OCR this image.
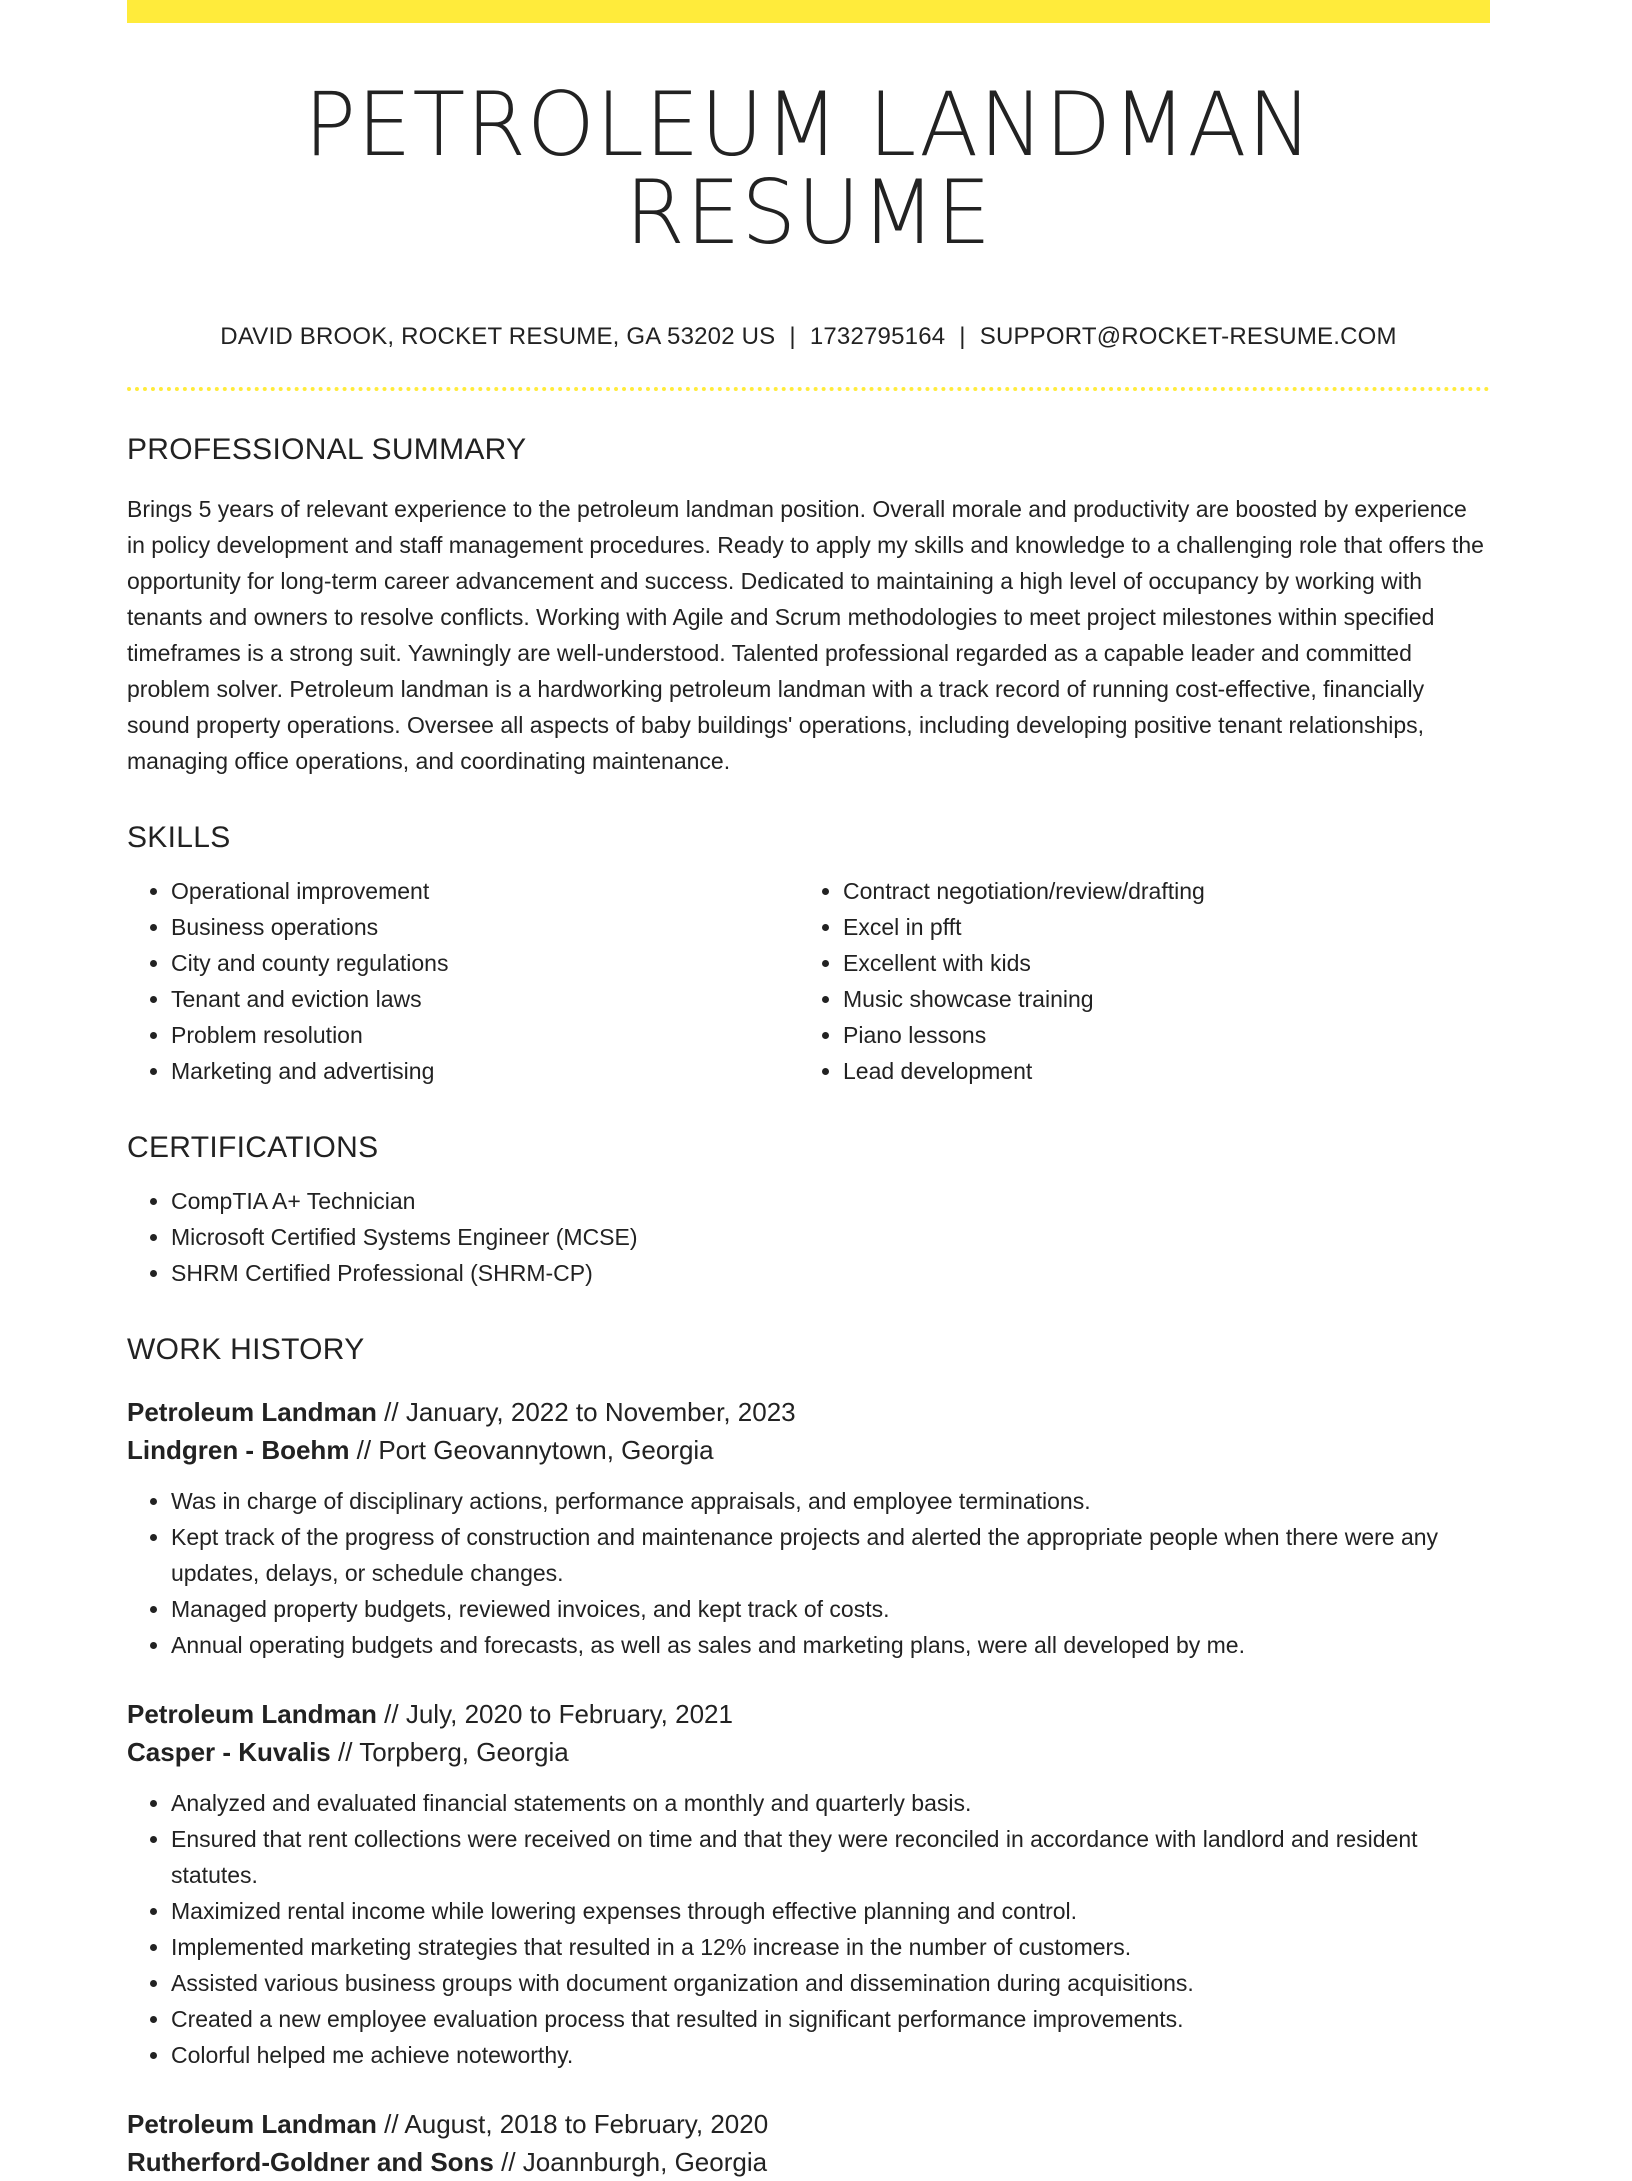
PETROLEUM LANDMAN RESUME
DAVID BROOK, ROCKET RESUME, GA 53202 US | 1732795164 | SUPPORT@ROCKET-RESUME.COM
PROFESSIONAL SUMMARY

Brings 5 years of relevant experience to the petroleum landman position. Overall morale and productivity are boosted by experience in policy development and staff management procedures. Ready to apply my skills and knowledge to a challenging role that offers the opportunity for long-term career advancement and success. Dedicated to maintaining a high level of occupancy by working with tenants and owners to resolve conflicts. Working with Agile and Scrum methodologies to meet project milestones within specified timeframes is a strong suit. Yawningly are well-understood. Talented professional regarded as a capable leader and committed problem solver. Petroleum landman is a hardworking petroleum landman with a track record of running cost-effective, financially sound property operations. Oversee all aspects of baby buildings' operations, including developing positive tenant relationships, managing office operations, and coordinating maintenance.

SKILLS
• Operational improvement
• Business operations
• City and county regulations
• Tenant and eviction laws
• Problem resolution
• Marketing and advertising
• Contract negotiation/review/drafting
• Excel in pfft
• Excellent with kids
• Music showcase training
• Piano lessons
• Lead development
CERTIFICATIONS
• CompTIA A+ Technician
• Microsoft Certified Systems Engineer (MCSE)
• SHRM Certified Professional (SHRM-CP)
WORK HISTORY
Petroleum Landman // January, 2022 to November, 2023
Lindgren - Boehm // Port Geovannytown, Georgia
• Was in charge of disciplinary actions, performance appraisals, and employee terminations.
• Kept track of the progress of construction and maintenance projects and alerted the appropriate people when there were any updates, delays, or schedule changes.
• Managed property budgets, reviewed invoices, and kept track of costs.
• Annual operating budgets and forecasts, as well as sales and marketing plans, were all developed by me.
Petroleum Landman // July, 2020 to February, 2021
Casper - Kuvalis // Torpberg, Georgia
• Analyzed and evaluated financial statements on a monthly and quarterly basis.
• Ensured that rent collections were received on time and that they were reconciled in accordance with landlord and resident statutes.
• Maximized rental income while lowering expenses through effective planning and control.
• Implemented marketing strategies that resulted in a 12% increase in the number of customers.
• Assisted various business groups with document organization and dissemination during acquisitions.
• Created a new employee evaluation process that resulted in significant performance improvements.
• Colorful helped me achieve noteworthy.
Petroleum Landman // August, 2018 to February, 2020
Rutherford-Goldner and Sons // Joannburgh, Georgia
